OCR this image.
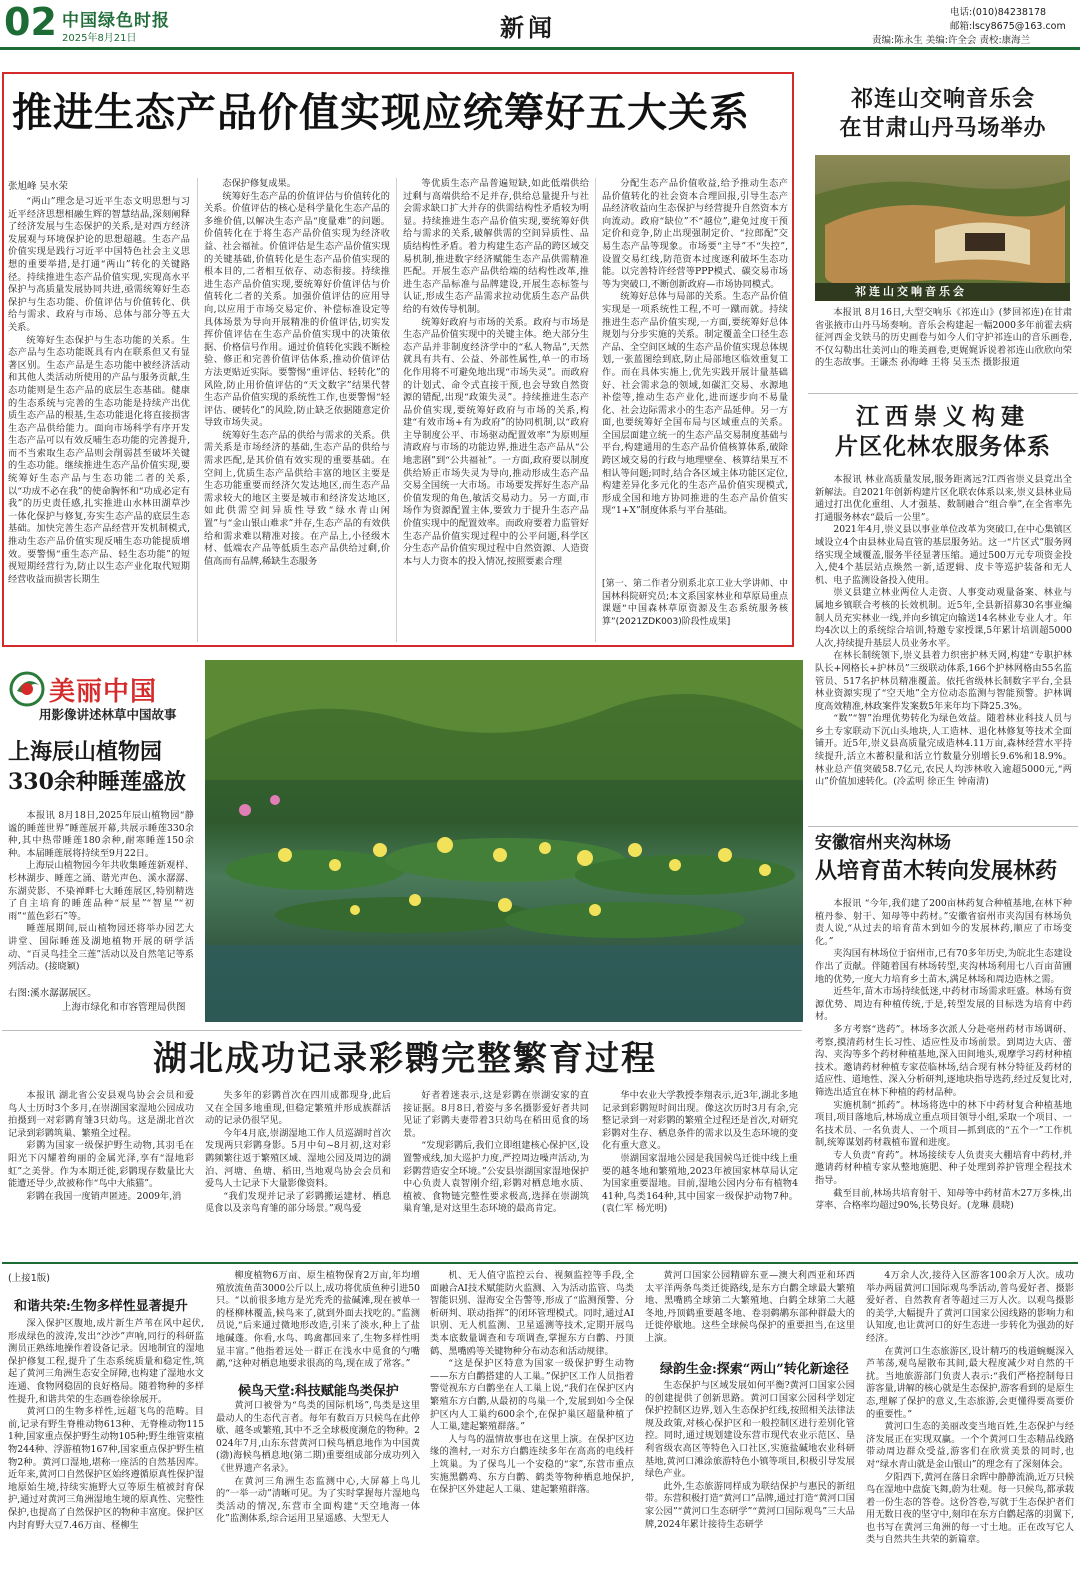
02 中国绿色时报
2025年8月21日	新闻
电话:(010)84238178
邮箱:lscy8675@163.com
责编:陈永生 美编:许全会 责校:康海兰
推进生态产品价值实现应统筹好五大关系
张旭峰 吴水荣

“两山”理念是习近平生态文明思想与习近平经济思想相融生辉的智慧结晶,深刻阐释了经济发展与生态保护的关系,是对西方经济发展观与环境保护论的思想超越。生态产品价值实现是践行习近平中国特色社会主义思想的重要举措,是打通“两山”转化的关键路径。持续推进生态产品价值实现,实现高水平保护与高质量发展协同共进,亟需统筹好生态保护与生态功能、价值评估与价值转化、供给与需求、政府与市场、总体与部分等五大关系。

统筹好生态保护与生态功能的关系。生态产品与生态功能既具有内在联系但又有显著区别。生态产品是生态功能中被经济活动和其他人类活动所使用的产品与服务贡献,生态功能则是生态产品的底层生态基础。健康的生态系统与完善的生态功能是持续产出优质生态产品的根基,生态功能退化将直接损害生态产品供给能力。面向市场科学有序开发生态产品可以有效反哺生态功能的完善提升,而不当索取生态产品则会削弱甚至破坏关键的生态功能。继续推进生态产品价值实现,要统筹好生态产品与生态功能二者的关系,以“功成不必在我”的使命胸怀和“功成必定有我”的历史责任感,扎实推进山水林田湖草沙一体化保护与修复,夯实生态产品的底层生态基础。加快完善生态产品经营开发机制模式,推动生态产品价值实现反哺生态功能提质增效。要警惕“重生态产品、轻生态功能”的短视短期经营行为,防止以生态产业化取代短期经营收益而损害长期生

态保护修复成果。

统筹好生态产品的价值评估与价值转化的关系。价值评估的核心是科学量化生态产品的多维价值,以解决生态产品“度量难”的问题。价值转化在于将生态产品价值实现为经济收益、社会福祉。价值评估是生态产品价值实现的关键基础,价值转化是生态产品价值实现的根本目的,二者相互依存、动态衔接。持续推进生态产品价值实现,要统筹好价值评估与价值转化二者的关系。加强价值评估的应用导向,以应用于市场交易定价、补偿标准设定等具体场景为导向开展精准的价值评估,切实发挥价值评估在生态产品价值实现中的决策依据、价格信号作用。通过价值转化实践不断检验、修正和完善价值评估体系,推动价值评估方法更贴近实际。要警惕“重评估、轻转化”的风险,防止用价值评估的“天文数字”结果代替生态产品价值实现的系统性工作,也要警惕“轻评估、硬转化”的风险,防止缺乏依据随意定价导致市场失灵。

统筹好生态产品的供给与需求的关系。供需关系是市场经济的基础,生态产品的供给与需求匹配,是其价值有效实现的重要基础。在空间上,优质生态产品供给丰富的地区主要是生态功能重要而经济欠发达地区,而生态产品需求较大的地区主要是城市和经济发达地区,如此供需空间异质性导致“绿水青山闲置”与“金山银山难求”并存,生态产品的有效供给和需求难以精准对接。在产品上,小径级木材、低端农产品等低质生态产品供给过剩,价值高而有品牌,稀缺生态服务

等优质生态产品普遍短缺,如此低端供给过剩与高端供给不足并存,供给总量提升与社会需求缺口扩大并存的供需结构性矛盾较为明显。持续推进生态产品价值实现,要统筹好供给与需求的关系,破解供需的空间异质性、品质结构性矛盾。着力构建生态产品的跨区域交易机制,推进数字经济赋能生态产品供需精准匹配。开展生态产品供给端的结构性改革,推进生态产品标准与品牌建设,开展生态标签与认证,形成生态产品需求拉动优质生态产品供给的有效传导机制。

统筹好政府与市场的关系。政府与市场是生态产品价值实现中的关键主体。绝大部分生态产品并非制度经济学中的“私人物品”,天然就具有共有、公益、外部性属性,单一的市场化作用将不可避免地出现“市场失灵”。而政府的计划式、命令式直接干预,也会导致自然资源的错配,出现“政策失灵”。持续推进生态产品价值实现,要统筹好政府与市场的关系,构建“有效市场+有为政府”的协同机制,以“政府主导制度公平、市场驱动配置效率”为原则厘清政府与市场的功能边界,推进生态产品从“公地悲剧”到“公共福祉”。一方面,政府要以制度供给矫正市场失灵为导向,推动形成生态产品交易全国统一大市场。市场要发挥好生态产品价值发现的角色,敏活交易动力。另一方面,市场作为资源配置主体,要致力于提升生态产品价值实现中的配置效率。而政府要着力监管好生态产品价值实现过程中的公平问题,科学区分生态产品价值实现过程中自然资源、人造资本与人力资本的投入情况,按照要素合理

分配生态产品价值收益,给予推动生态产品价值转化的社会资本合理回报,引导生态产品经济收益向生态保护与经营提升自然资本方向流动。政府“缺位”不“越位”,避免过度干预定价和竞争,防止出现强制定价、“拉郎配”交易生态产品等现象。市场要“主导”不“失控”,设置交易红线,防范资本过度逐利破坏生态功能。以完善特许经营等PPP模式、碳交易市场等为突破口,不断创新政府—市场协同模式。

统筹好总体与局部的关系。生态产品价值实现是一项系统性工程,不可一蹴而就。持续推进生态产品价值实现,一方面,要统筹好总体规划与分步实施的关系。制定覆盖全口径生态产品、全空间区域的生态产品价值实现总体规划,一张蓝图绘到底,防止局部地区临效重复工作。而在具体实施上,优先实践开展计量基础好、社会需求急的领域,如碳汇交易、水源地补偿等,推动生态产业化,进而逐步向不易量化、社会边际需求小的生态产品延伸。另一方面,也要统筹好全国布局与区域重点的关系。全国层面建立统一的生态产品交易制度基础与平台,构建通用的生态产品价值核算体系,破除跨区域交易的行政与地理壁垒、核算结果互不相认等问题;同时,结合各区域主体功能区定位,构建差异化多元化的生态产品价值实现模式,形成全国和地方协同推进的生态产品价值实现“1+X”制度体系与平台基础。

[第一、第二作者分别系北京工业大学讲师、中国林科院研究员;本文系国家林业和草原局重点课题“中国森林草原资源及生态系统服务核算”(2021ZDK003)阶段性成果]
祁连山交响音乐会
在甘肃山丹马场举办
祁连山交响音乐会

本报讯 8月16日,大型交响乐《祁连山》(梦回祁连)在甘肃省张掖市山丹马场奏响。音乐会构建起一幅2000多年前霍去病征河西金戈铁马的历史画卷与如今人们守护祁连山的音乐画卷,不仅勾勒出壮美河山的唯美画卷,更娓娓诉说着祁连山欣欣向荣的生态故事。王谦杰 孙海峰 王将 吴玉杰 摄影报道

江西崇义构建
片区化林农服务体系

本报讯 林业高质量发展,服务距离远?江西省崇义县竟出全新解法。自2021年创新构建片区化联农体系以来,崇义县林业局通过打出优化重组、人才强基、数制融合“组合拳”,在全省率先打通服务林农“最后一公里”。

2021年4月,崇义县以事业单位改革为突破口,在中心集镇区域设立4个由县林业局直管的基层服务站。这一“片区式”服务网络实现全域覆盖,服务半径显著压缩。通过500万元专项资金投入,使4个基层站点焕然一新,适逻辑、皮卡等巡护装备和无人机、电子监测设备投入使用。

崇义县建立林业两位人走资、人事变动观量备案、林业与属地乡镇联合考核的长效机制。近5年,全县新招募30名事业编制人员充实林业一线,并向乡镇定向输送14名林业专业人才。年均4次以上的系统综合培训,特邀专家授课,5年累计培训超5000人次,持续提升基层人员业务水平。

在林长制统领下,崇义县着力织密护林天网,构建“专职护林队长+网格长+护林员”三级联动体系,166个护林网格由55名监管员、517名护林员精准覆盖。依托省级林长制数字平台,全县林业资源实现了“空天地”全方位动态监测与智能预警。护林调度高效精准,林政案件发案数5年来年均下降25.3%。

“数”“智”治理优势转化为绿色效益。随着林业科技人员与乡土专家联动下沉山头地块,人工造林、退化林修复等技术全面铺开。近5年,崇义县高质量完成造林4.11万亩,森林经营水平持续提升,活立木蓄积量和活立竹数量分别增长9.6%和18.9%。林业总产值突破58.7亿元,农民人均涉林收入逾超5000元,“两山”价值加速转化。(冷孟明 徐正生 钟南清)

安徽宿州夹沟林场
从培育苗木转向发展林药

本报讯 “今年,我们建了200亩林药复合种植基地,在林下种植丹参、射干、知母等中药材。”安徽省宿州市夹沟国有林场负责人说,“从过去的培育苗木到如今的发展林药,顺应了市场变化。”

夹沟国有林场位于宿州市,已有70多年历史,为皖北生态建设作出了贡献。伴随着国有林场转型,夹沟林场利用七八百亩苗圃地的优势,一度大力培育乡土苗木,满足林场和周边造林之需。

近些年,苗木市场持续低迷,中药材市场需求旺盛。林场有资源优势、周边有种植传统,于是,转型发展的目标选为培育中药材。

多方考察“选药”。林场多次派人分赴亳州药材市场调研、考察,摸清药材生长习性、适应性及市场前景。到周边大店、蕾沟、夹沟等多个药材种植基地,深入田间地头,观摩学习药材种植技术。邀请药材种植专家莅临林场,结合现有林分特征及药材的适应性、道地性、深入分析研判,逐地块指导选药,经过反复比对,筛选出适宜在林下种植的药材品种。

实施机制“抓药”。林场将选中的林下中药材复合种植基地项目,项目落地后,林场成立重点项目领导小组,采取一个项目、一名技术员、一名负责人、一个项目—抓到底的“五个一”工作机制,统筹谋划药材栽植布置和进度。

专人负责“育药”。林场接续专人负责夹大棚培育中药材,并邀请药材种植专家从整地施肥、种子处理到养护管理全程技术指导。

截至目前,林场共培育射干、知母等中药材苗木27万多株,出芽率、合格率均超过90%,长势良好。(龙琳 晨晓)

美丽中国
用影像讲述林草中国故事
上海辰山植物园
330余种睡莲盛放

本报讯 8月18日,2025年辰山植物园“静谧的睡莲世界”睡莲展开幕,共展示睡莲330余种,其中热带睡莲180余种,耐寒睡莲150余种。本届睡莲展将持续至9月22日。

上海辰山植物园今年共收集睡莲新观样、杉林湖步、睡莲之涌、谐光声色、溪水潺潺、东湖荧影、不染禅畔七大睡莲展区,特别精选了自主培育的睡莲品种“辰星”“智星”“初雨”“蓝色彩石”等。

睡莲展期间,辰山植物园还将举办园艺大讲堂、国际睡莲及湖地植物开展的研学活动、“百灵鸟挂全三莲”活动以及自然笔记等系列活动。(接晓颖)

右图:溪水潺潺展区。
上海市绿化和市容管理局供图
湖北成功记录彩鹮完整繁育过程

本报讯 湖北省公安县观鸟协会会员和爱鸟人士历时3个多月,在崇湖国家湿地公园成功拍摄到一对彩鹮育雏3只幼鸟。这是湖北首次记录到彩鹮筑巢、繁殖全过程。

彩鹮为国家一级保护野生动物,其羽毛在阳光下闪耀着绚丽的金属光泽,享有“湿地彩虹”之美誉。作为本期迁徙,彩鹮现存数量比大能遭还导少,故被称作“鸟中大熊猫”。

彩鹮在我国一度销声匿迹。2009年,消

失多年的彩鹮首次在四川成都现身,此后又在全国多地重现,但稳定繁殖并形成族群活动的记录仍很罕见。

今年4月底,崇湖湿地工作人员巡湖时首次发现两只彩鹮身影。5月中旬~8月初,这对彩鹮频繁往返于繁殖区域、湿地公园及周边的湖泊、河塘、鱼塘、稻田,当地观鸟协会会员和爱鸟人士记录下大量影像资料。

“我们发现并记录了彩鹮搬运建材、栖息觅食以及亲鸟育雏的部分场景。”观鸟爱

好者着迷表示,这是彩鹮在崇湖安家的直接证据。8月8日,着姿与多名摄影爱好者共同见证了彩鹮夫妻带着3只幼鸟在稻田觅食的场景。

“发现彩鹮后,我们立即组建核心保护区,设置警戒线,加大巡护力度,严控周边噪声活动,为彩鹮营造安全环境。”公安县崇湖国家湿地保护中心负责人袁智刚介绍,彩鹮对栖息地水质、植被、食物链完整性要求极高,选择在崇湖筑巢育雏,是对这里生态环境的最高肯定。

华中农业大学教授李翔表示,近3年,湖北多地记录到彩鹮短时间出现。像这次历时3月有余,完整记录到一对彩鹮的繁殖全过程还是首次,对研究彩鹮对生存、栖息条件的需求以及生态环境的变化有重大意义。

崇湖国家湿地公园是我国候鸟迁徙中线上重要的越冬地和繁殖地,2023年被国家林草局认定为国家重要湿地。目前,湿地公园内分布有植物441种,鸟类164种,其中国家一级保护动物7种。(袁仁军 杨光明)

(上接1版)
和谐共荣:生物多样性显著提升

深入保护区腹地,成片新生芦苇在风中起伏,形成绿色的波涛,发出“沙沙”声响,同行的科研监测员正熟练地操作着设备记录。因地制宜的湿地保护修复工程,提升了生态系统质量和稳定性,筑起了黄河三角洲生态安全屏障,也构建了湿地水文连通、食物网稳固的良好格局。随着物种的多样性提升,和谐共荣的生态画卷徐徐展开。

黄河口的生物多样性,远超飞鸟的范畴。目前,记录有野生脊椎动物613种、无脊椎动物1151种,国家重点保护野生动物105种;野生维管束植物244种、浮游植物167种,国家重点保护野生植物2种。黄河口湿地,堪称一座活的自然基因库。近年来,黄河口自然保护区始终遵循原真性保护湿地原始生境,持续实施野大豆等原生植被封育保护,通过对黄河三角洲湿地生境的原真性、完整性保护,也提高了自然保护区的物种丰富度。保护区内封育野大豆7.46万亩、柽柳生

柳度植物6万亩、原生植物保育2万亩,年均增殖放流鱼苗3000公斤以上,成功将优质鱼种引进50只。“以前很多地方是光秃秃的盐碱滩,现在被单一的柽柳林覆盖,候鸟来了,就到外面去找吃的。”监测员说,“后来通过微地形改造,引来了淡水,种上了盐地碱蓬。你看,水鸟、鸣禽都回来了,生物多样性明显丰富。”他指着远处一群正在浅水中觅食的勺嘴鹬,“这种对栖息地要求很高的鸟,现在成了常客。”

候鸟天堂:科技赋能鸟类保护

黄河口被誉为“鸟类的国际机场”,鸟类是这里最动人的生态代言者。每年有数百万只候鸟在此停歇、越冬或繁殖,其中不乏全球极度濒危的物种。2024年7月,山东东营黄河口候鸟栖息地作为中国黄(渤)海候鸟栖息地(第二期)重要组成部分成功列入《世界遗产名录》。

在黄河三角洲生态监测中心,大屏幕上鸟儿的“一举一动”清晰可见。为了实时掌握每片湿地鸟类活动的情况,东营市全面构建“天空地海一体化”监测体系,综合运用卫星遥感、大型无人

机、无人值守监控云台、视频监控等手段,全面融合AI技术赋能防火监测、入为活动监管、鸟类智能识别、湿海安全告警等,形成了“监测预警、分析研判、联动指挥”的闭环管理模式。同时,通过AI识别、无人机监测、卫星遥测等技术,定期开展鸟类本底数量调查和专项调查,掌握东方白鹳、丹顶鹤、黑嘴鸥等关键物种分布动态和活动规律。

“这是保护区特意为国家一级保护野生动物——东方白鹳搭建的人工巢。”保护区工作人员指着警觉视东方白鹳坐在人工巢上说,“我们在保护区内繁殖东方白鹳,从最初的鸟巢一个,发展到如今全保护区内人工巢约600余个,在保护巢区超量种植了人工巢,建起繁殖群落。”

人与鸟的温情故事也在这里上演。在保护区边缘的渔村,一对东方白鹳连续多年在高高的电线杆上筑巢。为了保鸟儿一个安稳的“家”,东营市重点实施黑鹳鸡、东方白鹳、鹤类等物种栖息地保护,在保护区外建起人工巢、建起繁殖群落。

黄河口国家公园精辟东亚—澳大利西亚和环西太平洋两条鸟类迁徙路线,是东方白鹳全球最大繁殖地、黑嘴鸥全球第二大繁殖地、白鹤全球第二大越冬地,丹顶鹤重要越冬地、卷羽鹈鹕东部种群最大的迁徙停歇地。这些全球候鸟保护的重要担当,在这里上演。

绿韵生金:探索“两山”转化新途径

生态保护与区域发展如何平衡?黄河口国家公园的创建提供了创新思路。黄河口国家公园科学划定保护控制区边界,划入生态保护红线,按照相关法律法规及政策,对核心保护区和一般控制区进行差别化管控。同时,通过规划建设东营市现代农业示范区、垦利省级农高区等特色入口社区,实施盐碱地农业科研基地,黄河口滩涂旅游特色小镇等项目,积极引导发展绿色产业。

此外,生态旅游同样成为联结保护与惠民的新纽带。东营积极打造“黄河口”品牌,通过打造“黄河口国家公园”“黄河口生态研学”“黄河口国际观鸟”三大品牌,2024年累计接待生态研学

4万余人次,接待入区游客100余万人次。成功举办两届黄河口国际观鸟季活动,普鸟爱好者、摄影爱好者、自然教育者等超过三万人次。以观鸟摄影的美学,大幅提升了黄河口国家公园线路的影响力和认知度,也让黄河口的好生态进一步转化为强劲的好经济。

在黄河口生态旅游区,设计精巧的栈道蜿蜒深入芦苇荡,观鸟屋散布其间,最大程度减少对自然的干扰。当地旅游部门负责人表示:“我们严格控制每日游客量,讲解的核心就是生态保护,游客看到的是原生态,理解了保护的意义,生态旅游,会更懂得要高要价的重要性。”

黄河口生态的美丽改变当地百姓,生态保护与经济发展正在实现双赢。一个个黄河口生态精品线路带动周边群众受益,游客们在欣赏美景的同时,也对“绿水青山就是金山银山”的理念有了深刻体会。

夕阳西下,黄河在落日余晖中静静流淌,近万只候鸟在湿地中盘旋飞舞,蔚为壮观。每一只候鸟,都承载着一份生态的答卷。这份答卷,写就于生态保护者们用无数日夜的坚守中,刻印在东方白鹳起落的羽翼下,也书写在黄河三角洲的每一寸土地。正在改写它人类与自然共生共荣的新篇章。
